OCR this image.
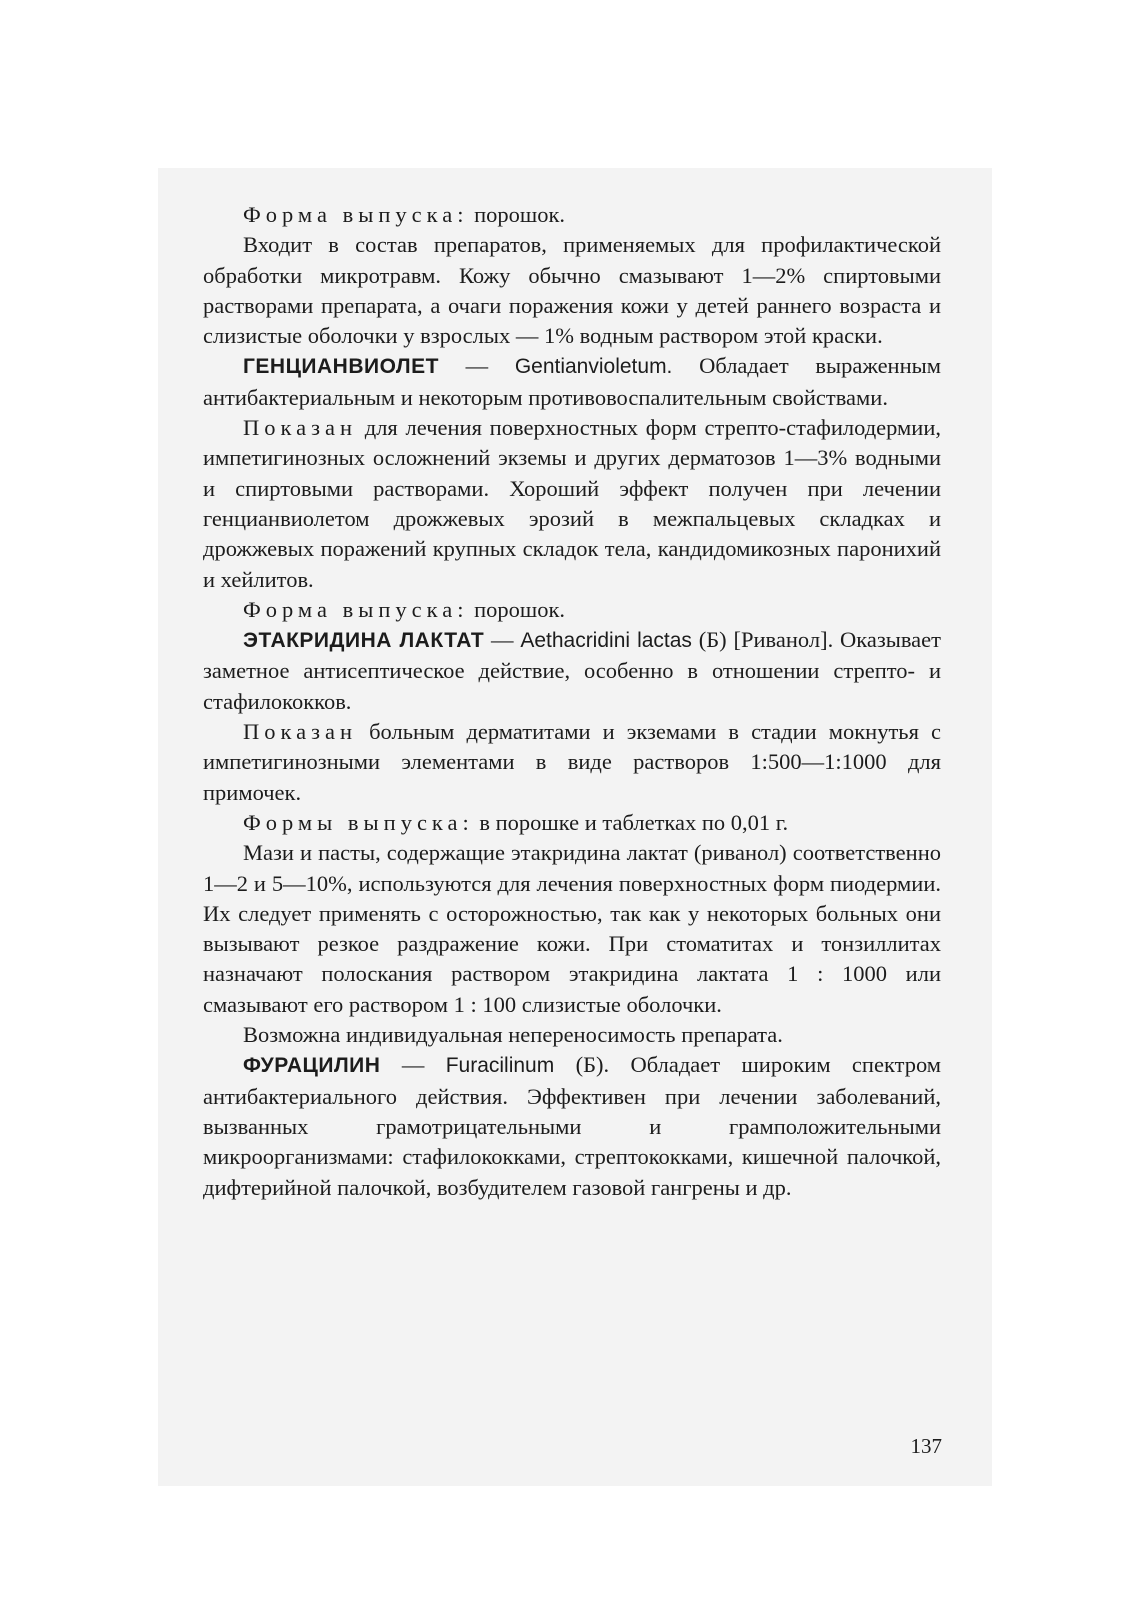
Форма выпуска: порошок.

Входит в состав препаратов, применяемых для профилактической обработки микротравм. Кожу обычно смазывают 1—2% спиртовыми растворами препарата, а очаги поражения кожи у детей раннего возраста и слизистые оболочки у взрослых — 1% водным раствором этой краски.

ГЕНЦИАНВИОЛЕТ — Gentianvioletum. Обладает выраженным антибактериальным и некоторым противовоспалительным свойствами.

Показан для лечения поверхностных форм стрепто-стафилодермии, импетигинозных осложнений экземы и других дерматозов 1—3% водными и спиртовыми растворами. Хороший эффект получен при лечении генцианвиолетом дрожжевых эрозий в межпальцевых складках и дрожжевых поражений крупных складок тела, кандидомикозных паронихий и хейлитов.

Форма выпуска: порошок.

ЭТАКРИДИНА ЛАКТАТ — Aethacridini lactas (Б) [Риванол]. Оказывает заметное антисептическое действие, особенно в отношении стрепто- и стафилококков.

Показан больным дерматитами и экземами в стадии мокнутья с импетигинозными элементами в виде растворов 1:500—1:1000 для примочек.

Формы выпуска: в порошке и таблетках по 0,01 г.

Мази и пасты, содержащие этакридина лактат (риванол) соответственно 1—2 и 5—10%, используются для лечения поверхностных форм пиодермии. Их следует применять с осторожностью, так как у некоторых больных они вызывают резкое раздражение кожи. При стоматитах и тонзиллитах назначают полоскания раствором этакридина лактата 1 : 1000 или смазывают его раствором 1 : 100 слизистые оболочки.

Возможна индивидуальная непереносимость препарата.

ФУРАЦИЛИН — Furacilinum (Б). Обладает широким спектром антибактериального действия. Эффективен при лечении заболеваний, вызванных грамотрицательными и грамположительными микроорганизмами: стафилококками, стрептококками, кишечной палочкой, дифтерийной палочкой, возбудителем газовой гангрены и др.

137
